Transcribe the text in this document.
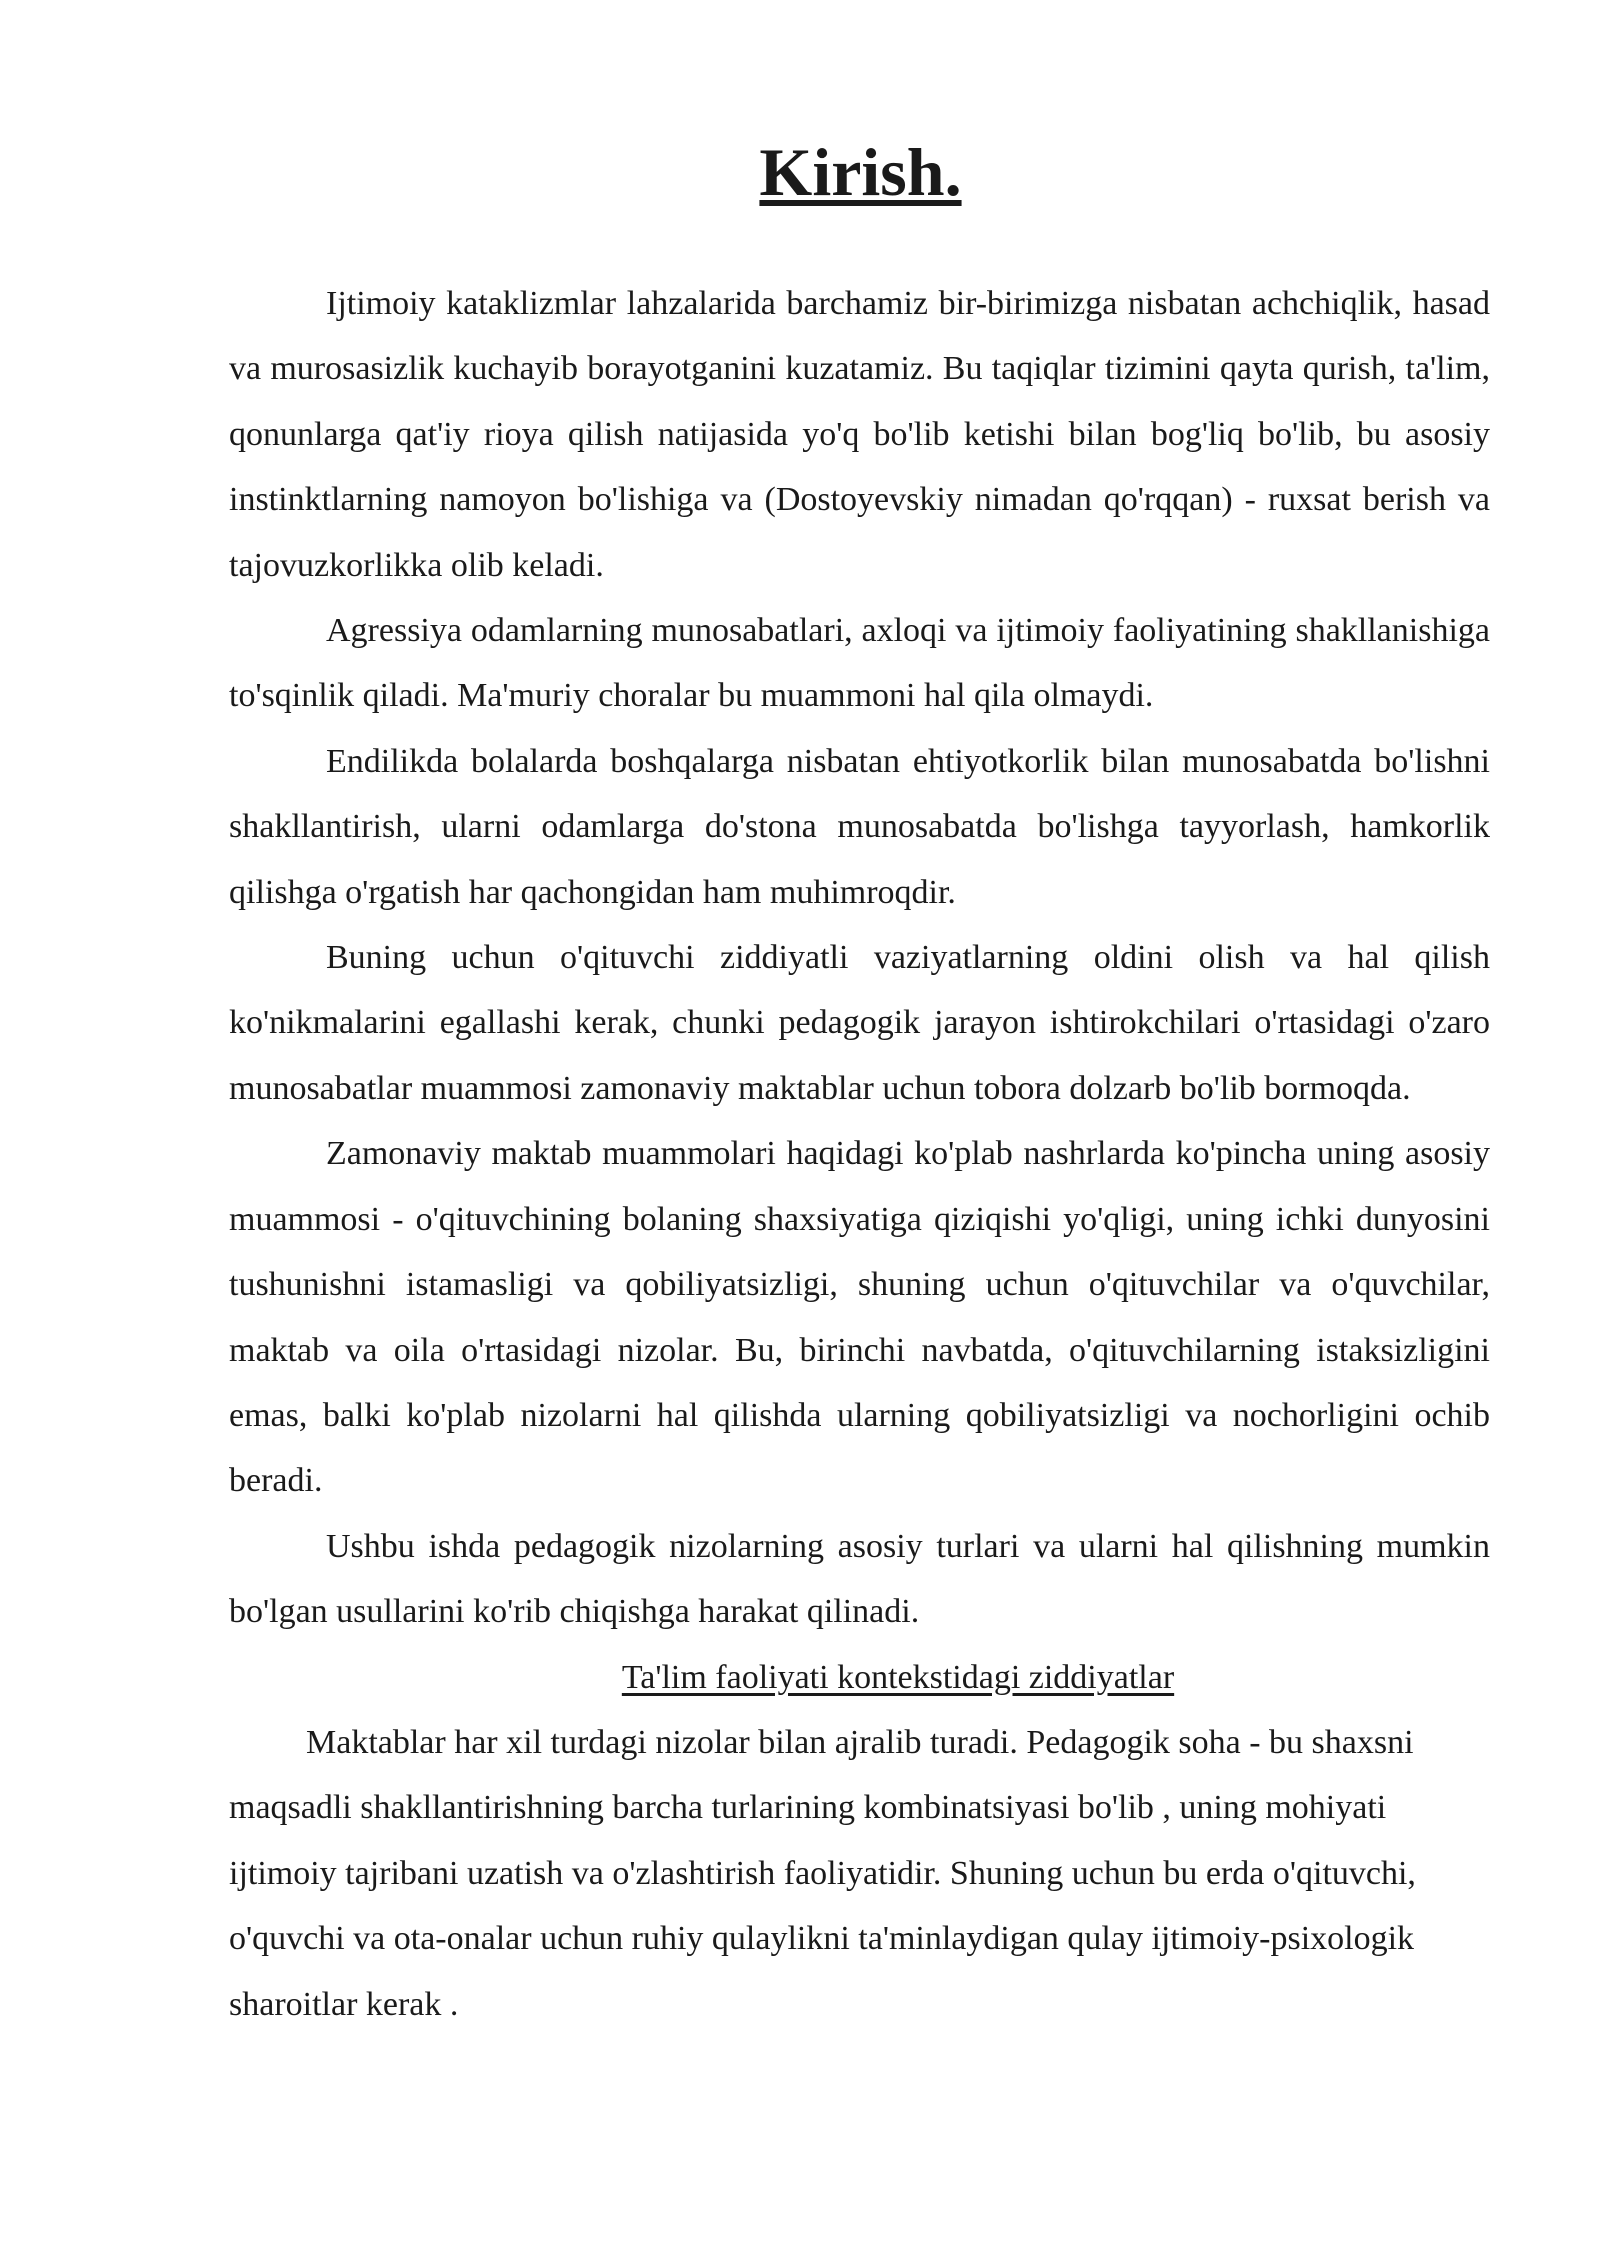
Kirish.

Ijtimoiy kataklizmlar lahzalarida barchamiz bir-birimizga nisbatan achchiqlik, hasad va murosasizlik kuchayib borayotganini kuzatamiz. Bu taqiqlar tizimini qayta qurish, ta'lim, qonunlarga qat'iy rioya qilish natijasida yo'q bo'lib ketishi bilan bog'liq bo'lib, bu asosiy instinktlarning namoyon bo'lishiga va (Dostoyevskiy nimadan qo'rqqan) - ruxsat berish va tajovuzkorlikka olib keladi.

Agressiya odamlarning munosabatlari, axloqi va ijtimoiy faoliyatining shakllanishiga to'sqinlik qiladi. Ma'muriy choralar bu muammoni hal qila olmaydi.

Endilikda bolalarda boshqalarga nisbatan ehtiyotkorlik bilan munosabatda bo'lishni shakllantirish, ularni odamlarga do'stona munosabatda bo'lishga tayyorlash, hamkorlik qilishga o'rgatish har qachongidan ham muhimroqdir.

Buning uchun o'qituvchi ziddiyatli vaziyatlarning oldini olish va hal qilish ko'nikmalarini egallashi kerak, chunki pedagogik jarayon ishtirokchilari o'rtasidagi o'zaro munosabatlar muammosi zamonaviy maktablar uchun tobora dolzarb bo'lib bormoqda.

Zamonaviy maktab muammolari haqidagi ko'plab nashrlarda ko'pincha uning asosiy muammosi - o'qituvchining bolaning shaxsiyatiga qiziqishi yo'qligi, uning ichki dunyosini tushunishni istamasligi va qobiliyatsizligi, shuning uchun o'qituvchilar va o'quvchilar, maktab va oila o'rtasidagi nizolar. Bu, birinchi navbatda, o'qituvchilarning istaksizligini emas, balki ko'plab nizolarni hal qilishda ularning qobiliyatsizligi va nochorligini ochib beradi.

Ushbu ishda pedagogik nizolarning asosiy turlari va ularni hal qilishning mumkin bo'lgan usullarini ko'rib chiqishga harakat qilinadi.

Ta'lim faoliyati kontekstidagi ziddiyatlar

Maktablar har xil turdagi nizolar bilan ajralib turadi. Pedagogik soha - bu shaxsni maqsadli shakllantirishning barcha turlarining kombinatsiyasi bo'lib , uning mohiyati ijtimoiy tajribani uzatish va o'zlashtirish faoliyatidir. Shuning uchun bu erda o'qituvchi, o'quvchi va ota-onalar uchun ruhiy qulaylikni ta'minlaydigan qulay ijtimoiy-psixologik sharoitlar kerak .
